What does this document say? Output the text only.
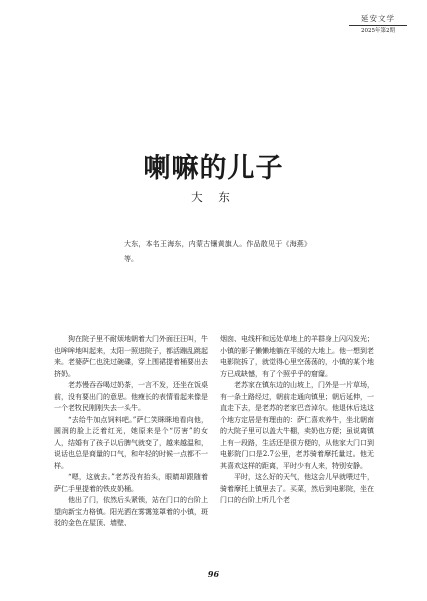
延安文学
2025年第2期
喇嘛的儿子
大 东
大东，本名王海东，内蒙古镶黄旗人。作品散见于《海燕》等。

狗在院子里不耐烦地朝着大门外面汪汪叫，牛也哞哞地叫起来，太阳一照进院子，都活蹦乱跳起来。老婆萨仁也洗过碗碟，穿上围裙提着桶要出去挤奶。

老苏慢吞吞喝过奶茶，一言不发，还坐在饭桌前，没有要出门的意思。他瘦长的表情看起来像是一个老牧民刚刚失去一头牛。

“去给牛加点饲料吧。”萨仁笑眯眯地看向他，圆润的脸上泛着红光，她原来是个“厉害”的女人，结婚有了孩子以后脾气就变了，越来越温和，说话也总是商量的口气，和年轻的时候一点都不一样。

“嗯，这就去。”老苏没有抬头，眼睛却跟随着萨仁手里提着的铁皮奶桶。

他出了门，依然后头紧锁，站在门口的台阶上望向新宝力格镇。阳光洒在雾霭笼罩着的小镇，斑驳的金色在屋顶、墙壁、

烟囱、电线杆和远处草地上的羊群身上闪闪发光；小镇的影子懒懒地躺在平缓的大地上。他一想到老电影院拆了，就觉得心里空荡荡的，小镇的某个地方已成缺憾，有了个照乎乎的窟窿。

老苏家在镇东边的山坡上，门外是一片草场，有一条土路经过，朝前走通向镇里；朝后延伸，一直走下去，是老苏的老家巴音淖尔。他退休后选这个地方定居是有理由的：萨仁喜欢养牛，坐北朝南的大院子里可以盖大牛棚，卖奶也方便；虽说离镇上有一段路，生活还是很方便的，从他家大门口到电影院门口是2.7公里，老苏骑着摩托量过。他无其喜欢这样的距离，平时少有人来，特别安静。

平时，这么好的天气，他这会儿早就喂过牛，骑着摩托上镇里去了。买菜，然后到电影院，坐在门口的台阶上听几个老

96
